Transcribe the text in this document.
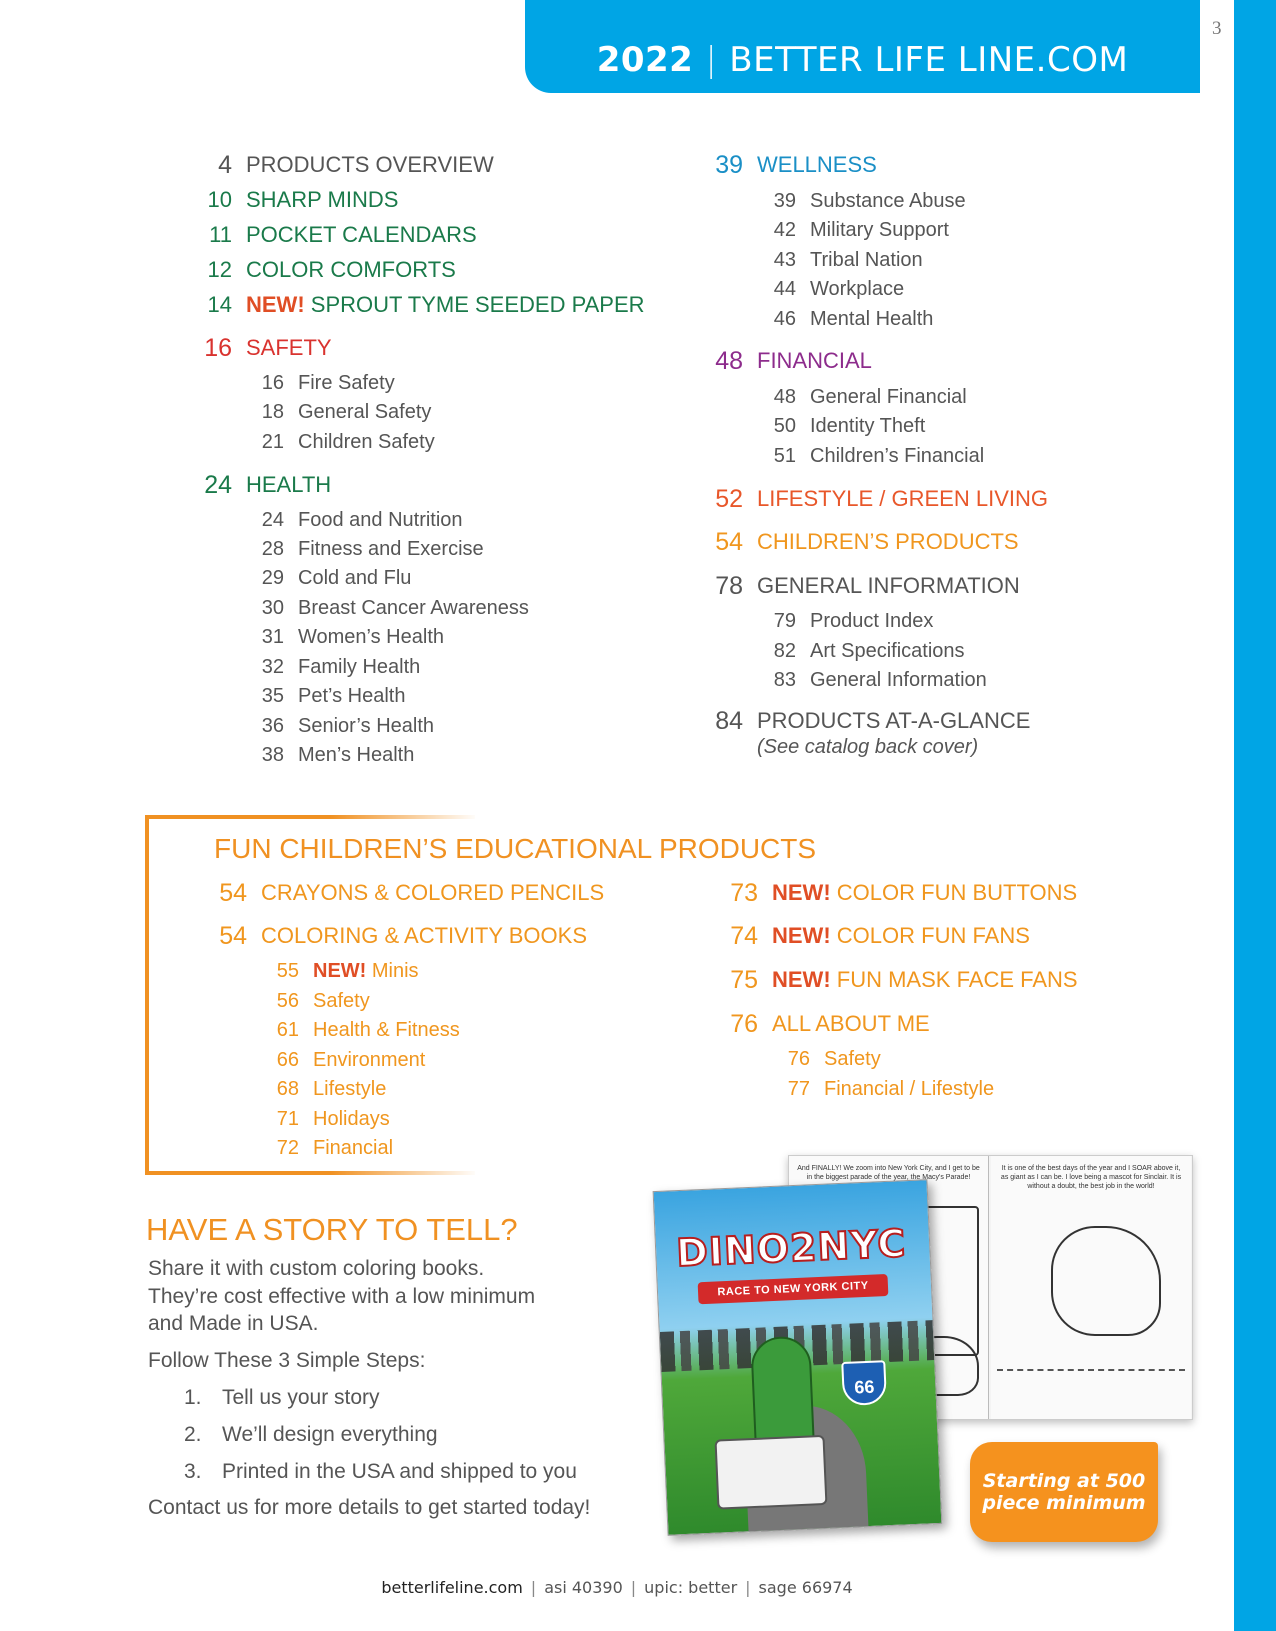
2022 | BETTER LIFE LINE.COM
3
4 PRODUCTS OVERVIEW
10 SHARP MINDS
11 POCKET CALENDARS
12 COLOR COMFORTS
14 NEW! SPROUT TYME SEEDED PAPER
16 SAFETY
16 Fire Safety
18 General Safety
21 Children Safety
24 HEALTH
24 Food and Nutrition
28 Fitness and Exercise
29 Cold and Flu
30 Breast Cancer Awareness
31 Women’s Health
32 Family Health
35 Pet’s Health
36 Senior’s Health
38 Men’s Health
39 WELLNESS
39 Substance Abuse
42 Military Support
43 Tribal Nation
44 Workplace
46 Mental Health
48 FINANCIAL
48 General Financial
50 Identity Theft
51 Children’s Financial
52 LIFESTYLE / GREEN LIVING
54 CHILDREN’S PRODUCTS
78 GENERAL INFORMATION
79 Product Index
82 Art Specifications
83 General Information
84 PRODUCTS AT-A-GLANCE
(See catalog back cover)
FUN CHILDREN’S EDUCATIONAL PRODUCTS
54 CRAYONS & COLORED PENCILS
54 COLORING & ACTIVITY BOOKS
55 NEW! Minis
56 Safety
61 Health & Fitness
66 Environment
68 Lifestyle
71 Holidays
72 Financial
73 NEW! COLOR FUN BUTTONS
74 NEW! COLOR FUN FANS
75 NEW! FUN MASK FACE FANS
76 ALL ABOUT ME
76 Safety
77 Financial / Lifestyle
HAVE A STORY TO TELL?
Share it with custom coloring books.
They’re cost effective with a low minimum
and Made in USA.
Follow These 3 Simple Steps:
1. Tell us your story
2. We’ll design everything
3. Printed in the USA and shipped to you
Contact us for more details to get started today!
And FINALLY! We zoom into New York City, and I get to be in the biggest parade of the year, the Macy's Parade!
It is one of the best days of the year and I SOAR above it, as giant as I can be. I love being a mascot for Sinclair. It is without a doubt, the best job in the world!
DINO2NYC
RACE TO NEW YORK CITY
66
Starting at 500 piece minimum
betterlifeline.com | asi 40390 | upic: better | sage 66974
